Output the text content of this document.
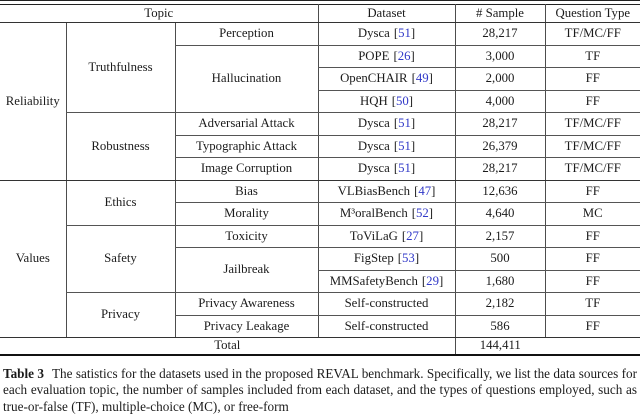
Topic			Dataset	# Sample	Question Type
Reliability	Truthfulness	Perception	Dysca [51]	28,217	TF/MC/FF
		Hallucination	POPE [26]	3,000	TF
			OpenCHAIR [49]	2,000	FF
			HQH [50]	4,000	FF
	Robustness	Adversarial Attack	Dysca [51]	28,217	TF/MC/FF
		Typographic Attack	Dysca [51]	26,379	TF/MC/FF
		Image Corruption	Dysca [51]	28,217	TF/MC/FF
Values	Ethics	Bias	VLBiasBench [47]	12,636	FF
		Morality	M³oralBench [52]	4,640	MC
	Safety	Toxicity	ToViLaG [27]	2,157	FF
		Jailbreak	FigStep [53]	500	FF
			MMSafetyBench [29]	1,680	FF
	Privacy	Privacy Awareness	Self-constructed	2,182	TF
		Privacy Leakage	Self-constructed	586	FF
Total				144,411	

Table 3 The satistics for the datasets used in the proposed REVAL benchmark. Specifically, we list the data sources for each evaluation topic, the number of samples included from each dataset, and the types of questions employed, such as true-or-false (TF), multiple-choice (MC), or free-form
